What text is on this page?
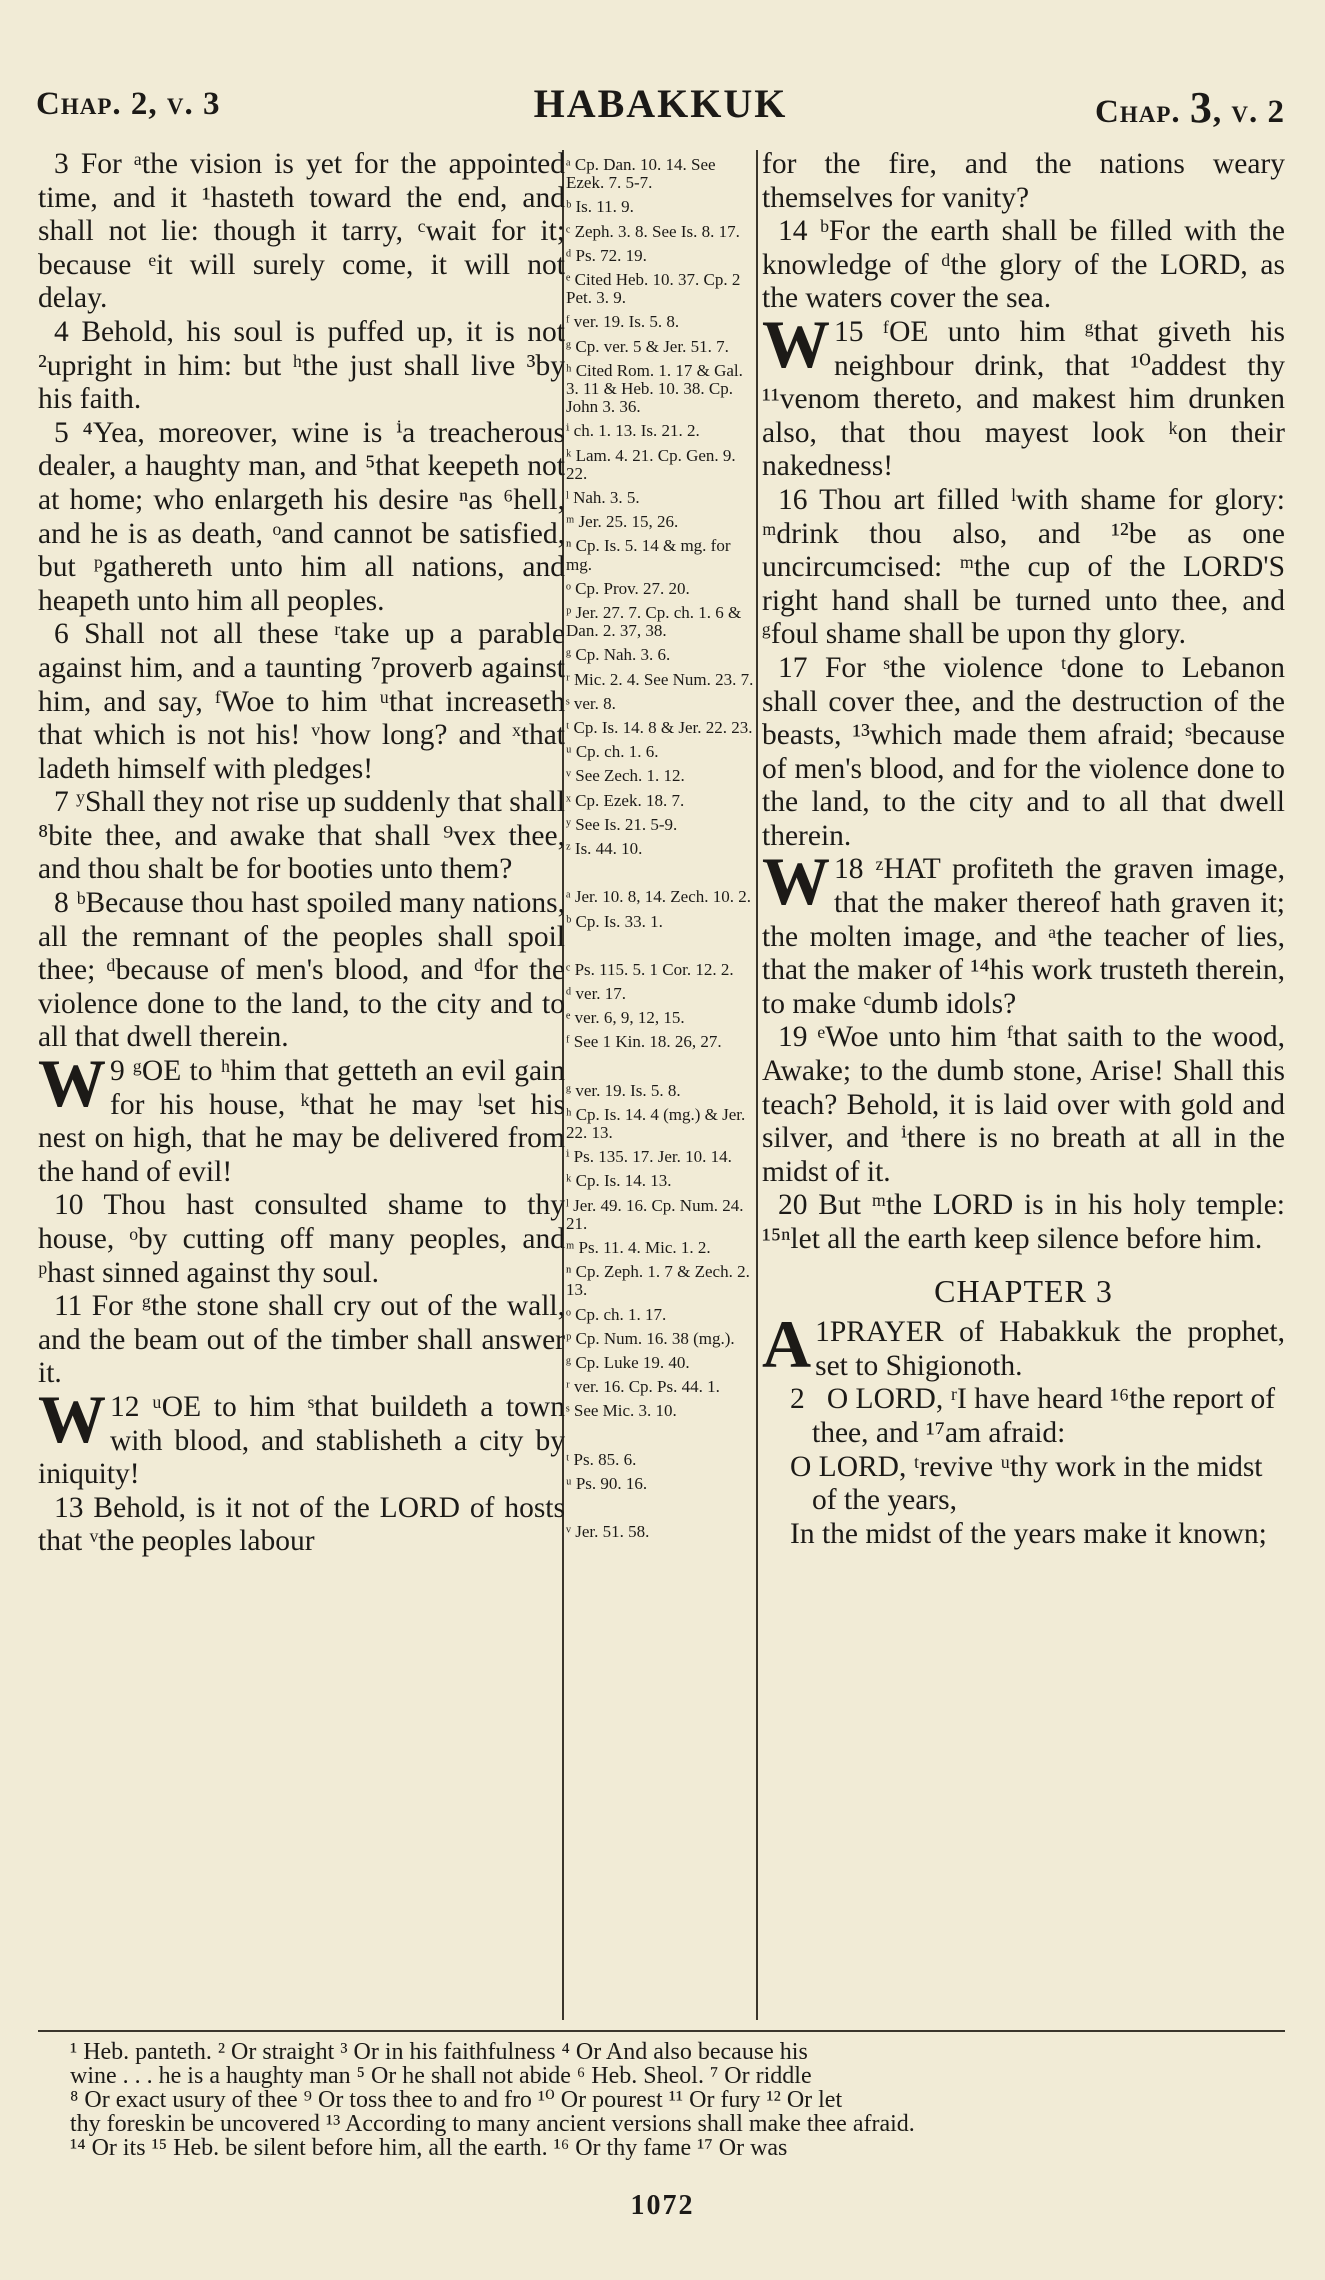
Chap. 2, v. 3	HABAKKUK	Chap. 3, v. 2

3 For ᵃthe vision is yet for the appointed time, and it ¹hasteth toward the end, and shall not lie: though it tarry, ᶜwait for it; because ᵉit will surely come, it will not delay.

4 Behold, his soul is puffed up, it is not ²upright in him: but ʰthe just shall live ³by his faith.

5 ⁴Yea, moreover, wine is ⁱa treacherous dealer, a haughty man, and ⁵that keepeth not at home; who enlargeth his desire ⁿas ⁶hell, and he is as death, ᵒand cannot be satisfied, but ᵖgathereth unto him all nations, and heapeth unto him all peoples.

6 Shall not all these ʳtake up a parable against him, and a taunting ⁷proverb against him, and say, ᶠWoe to him ᵘthat increaseth that which is not his! ᵛhow long? and ˣthat ladeth himself with pledges!

7 ʸShall they not rise up suddenly that shall ⁸bite thee, and awake that shall ⁹vex thee, and thou shalt be for booties unto them?

8 ᵇBecause thou hast spoiled many nations, all the remnant of the peoples shall spoil thee; ᵈbecause of men's blood, and ᵈfor the violence done to the land, to the city and to all that dwell therein.

9 ᵍ
W OE to ʰhim that getteth an evil gain for his house, ᵏthat he may ˡset his nest on high, that he may be delivered from the hand of evil!

10 Thou hast consulted shame to thy house, ᵒby cutting off many peoples, and ᵖhast sinned against thy soul.

11 For ᵍthe stone shall cry out of the wall, and the beam out of the timber shall answer it.

12 ᵘ
W OE to him ˢthat buildeth a town with blood, and stablisheth a city by iniquity!

13 Behold, is it not of the LORD of hosts that ᵛthe peoples labour

ᵃ Cp. Dan. 10. 14. See Ezek. 7. 5-7.
ᵇ Is. 11. 9.
ᶜ Zeph. 3. 8. See Is. 8. 17.
ᵈ Ps. 72. 19.
ᵉ Cited Heb. 10. 37. Cp. 2 Pet. 3. 9.
ᶠ ver. 19. Is. 5. 8.
ᵍ Cp. ver. 5 & Jer. 51. 7.
ʰ Cited Rom. 1. 17 & Gal. 3. 11 & Heb. 10. 38. Cp. John 3. 36.
ⁱ ch. 1. 13. Is. 21. 2.
ᵏ Lam. 4. 21. Cp. Gen. 9. 22.
ˡ Nah. 3. 5.
ᵐ Jer. 25. 15, 26.
ⁿ Cp. Is. 5. 14 & mg. for mg.
ᵒ Cp. Prov. 27. 20.
ᵖ Jer. 27. 7. Cp. ch. 1. 6 & Dan. 2. 37, 38.
ᵍ Cp. Nah. 3. 6.
ʳ Mic. 2. 4. See Num. 23. 7.
ˢ ver. 8.
ᵗ Cp. Is. 14. 8 & Jer. 22. 23.
ᵘ Cp. ch. 1. 6.
ᵛ See Zech. 1. 12.
ˣ Cp. Ezek. 18. 7.
ʸ See Is. 21. 5-9.
ᶻ Is. 44. 10.
ᵃ Jer. 10. 8, 14. Zech. 10. 2.
ᵇ Cp. Is. 33. 1.
ᶜ Ps. 115. 5. 1 Cor. 12. 2.
ᵈ ver. 17.
ᵉ ver. 6, 9, 12, 15.
ᶠ See 1 Kin. 18. 26, 27.
ᵍ ver. 19. Is. 5. 8.
ʰ Cp. Is. 14. 4 (mg.) & Jer. 22. 13.
ⁱ Ps. 135. 17. Jer. 10. 14.
ᵏ Cp. Is. 14. 13.
ˡ Jer. 49. 16. Cp. Num. 24. 21.
ᵐ Ps. 11. 4. Mic. 1. 2.
ⁿ Cp. Zeph. 1. 7 & Zech. 2. 13.
ᵒ Cp. ch. 1. 17.
ᵖ Cp. Num. 16. 38 (mg.).
ᵍ Cp. Luke 19. 40.
ʳ ver. 16. Cp. Ps. 44. 1.
ˢ See Mic. 3. 10.
ᵗ Ps. 85. 6.
ᵘ Ps. 90. 16.
ᵛ Jer. 51. 58.

for the fire, and the nations weary themselves for vanity?

14 ᵇFor the earth shall be filled with the knowledge of ᵈthe glory of the LORD, as the waters cover the sea.

15 ᶠ
W OE unto him ᵍthat giveth his neighbour drink, that ¹⁰addest thy ¹¹venom thereto, and makest him drunken also, that thou mayest look ᵏon their nakedness!

16 Thou art filled ˡwith shame for glory: ᵐdrink thou also, and ¹²be as one uncircumcised: ᵐthe cup of the LORD'S right hand shall be turned unto thee, and ᵍfoul shame shall be upon thy glory.

17 For ˢthe violence ᵗdone to Lebanon shall cover thee, and the destruction of the beasts, ¹³which made them afraid; ˢbecause of men's blood, and for the violence done to the land, to the city and to all that dwell therein.

18 ᶻ
W HAT profiteth the graven image, that the maker thereof hath graven it; the molten image, and ᵃthe teacher of lies, that the maker of ¹⁴his work trusteth therein, to make ᶜdumb idols?

19 ᵉWoe unto him ᶠthat saith to the wood, Awake; to the dumb stone, Arise! Shall this teach? Behold, it is laid over with gold and silver, and ⁱthere is no breath at all in the midst of it.

20 But ᵐthe LORD is in his holy temple: ¹⁵ⁿlet all the earth keep silence before him.

CHAPTER 3

1
A PRAYER of Habakkuk the prophet, set to Shigionoth.

2 O LORD, ʳI have heard ¹⁶the report of thee, and ¹⁷am afraid:

O LORD, ᵗrevive ᵘthy work in the midst of the years,

In the midst of the years make it known;

¹ Heb. panteth. ² Or straight ³ Or in his faithfulness ⁴ Or And also because his

wine . . . he is a haughty man ⁵ Or he shall not abide ⁶ Heb. Sheol. ⁷ Or riddle

⁸ Or exact usury of thee ⁹ Or toss thee to and fro ¹⁰ Or pourest ¹¹ Or fury ¹² Or let

thy foreskin be uncovered ¹³ According to many ancient versions shall make thee afraid.

¹⁴ Or its ¹⁵ Heb. be silent before him, all the earth. ¹⁶ Or thy fame ¹⁷ Or was

1072
